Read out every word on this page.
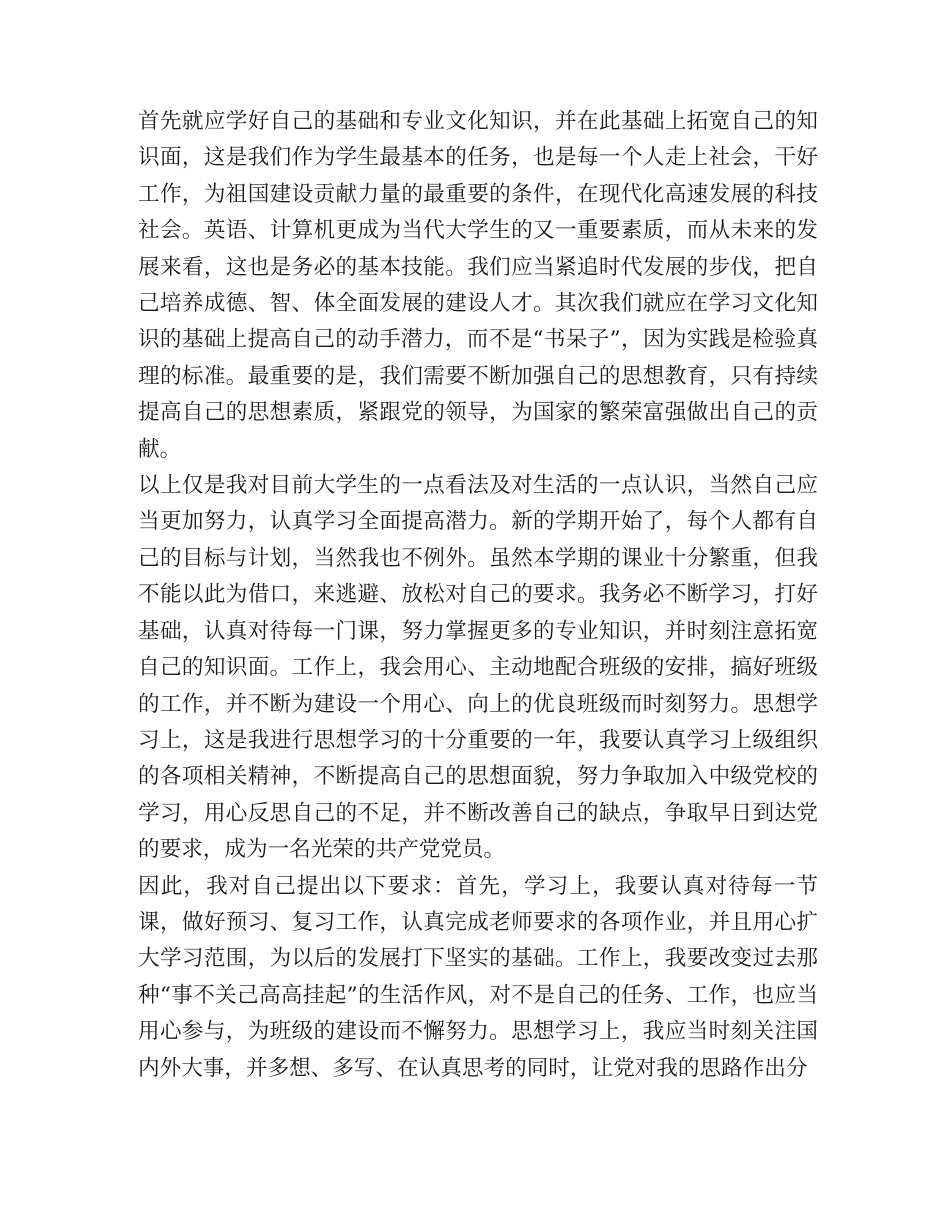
首先就应学好自己的基础和专业文化知识，并在此基础上拓宽自己的知识面，这是我们作为学生最基本的任务，也是每一个人走上社会，干好工作，为祖国建设贡献力量的最重要的条件，在现代化高速发展的科技社会。英语、计算机更成为当代大学生的又一重要素质，而从未来的发展来看，这也是务必的基本技能。我们应当紧追时代发展的步伐，把自己培养成德、智、体全面发展的建设人才。其次我们就应在学习文化知识的基础上提高自己的动手潜力，而不是“书呆子”，因为实践是检验真理的标准。最重要的是，我们需要不断加强自己的思想教育，只有持续提高自己的思想素质，紧跟党的领导，为国家的繁荣富强做出自己的贡献。

以上仅是我对目前大学生的一点看法及对生活的一点认识，当然自己应当更加努力，认真学习全面提高潜力。新的学期开始了，每个人都有自己的目标与计划，当然我也不例外。虽然本学期的课业十分繁重，但我不能以此为借口，来逃避、放松对自己的要求。我务必不断学习，打好基础，认真对待每一门课，努力掌握更多的专业知识，并时刻注意拓宽自己的知识面。工作上，我会用心、主动地配合班级的安排，搞好班级的工作，并不断为建设一个用心、向上的优良班级而时刻努力。思想学习上，这是我进行思想学习的十分重要的一年，我要认真学习上级组织的各项相关精神，不断提高自己的思想面貌，努力争取加入中级党校的学习，用心反思自己的不足，并不断改善自己的缺点，争取早日到达党的要求，成为一名光荣的共产党党员。

因此，我对自己提出以下要求：首先，学习上，我要认真对待每一节课，做好预习、复习工作，认真完成老师要求的各项作业，并且用心扩大学习范围，为以后的发展打下坚实的基础。工作上，我要改变过去那种“事不关己高高挂起”的生活作风，对不是自己的任务、工作，也应当用心参与，为班级的建设而不懈努力。思想学习上，我应当时刻关注国内外大事，并多想、多写、在认真思考的同时，让党对我的思路作出分
